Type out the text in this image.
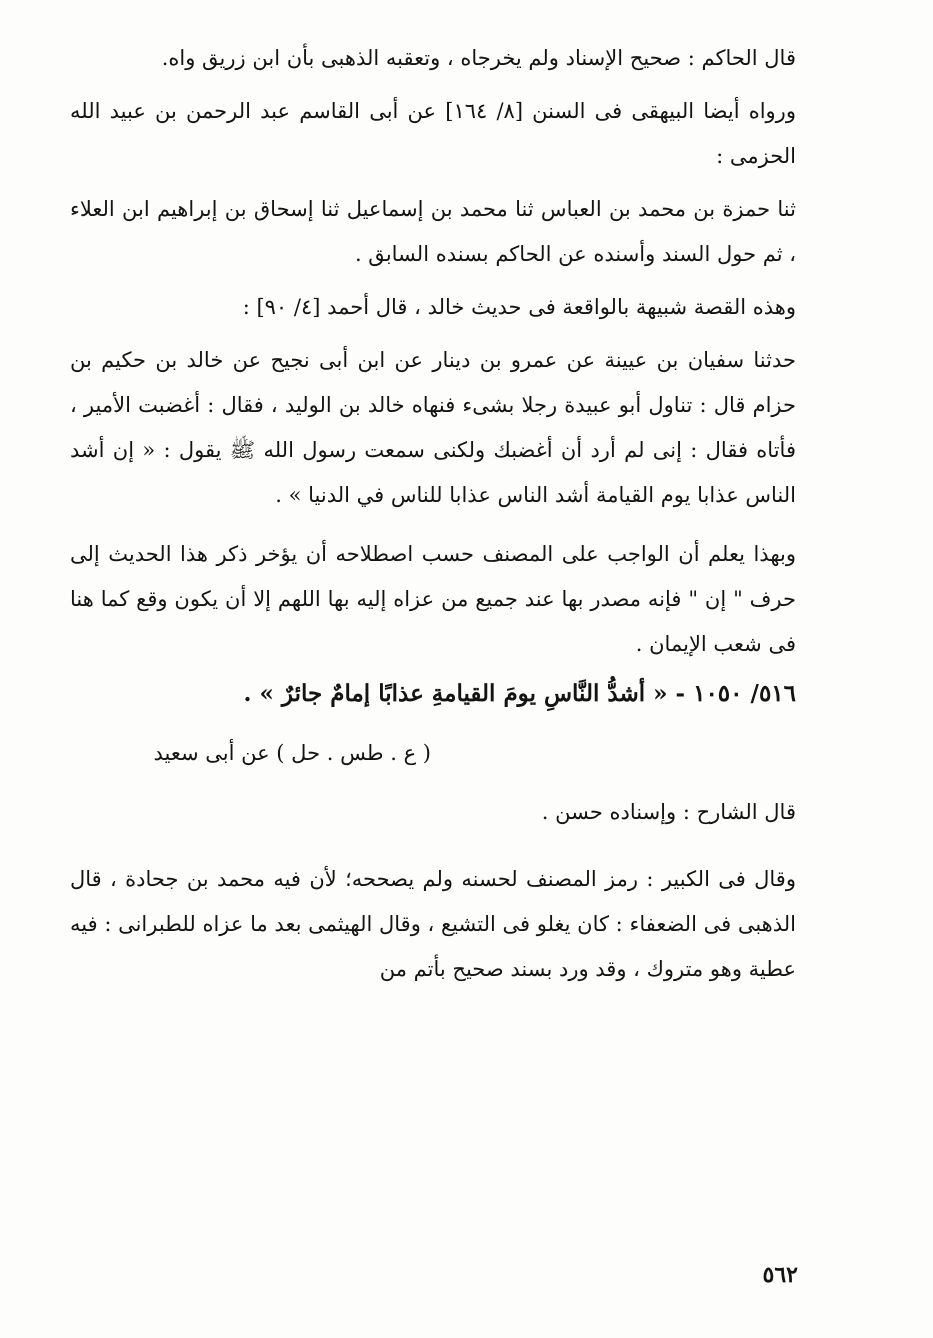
قال الحاكم : صحيح الإسناد ولم يخرجاه ، وتعقبه الذهبى بأن ابن زريق واه.

ورواه أيضا البيهقى فى السنن [٨/ ١٦٤] عن أبى القاسم عبد الرحمن بن عبيد الله الحزمى :

ثنا حمزة بن محمد بن العباس ثنا محمد بن إسماعيل ثنا إسحاق بن إبراهيم ابن العلاء ، ثم حول السند وأسنده عن الحاكم بسنده السابق .

وهذه القصة شبيهة بالواقعة فى حديث خالد ، قال أحمد [٤/ ٩٠] :

حدثنا سفيان بن عيينة عن عمرو بن دينار عن ابن أبى نجيح عن خالد بن حكيم بن حزام قال : تناول أبو عبيدة رجلا بشىء فنهاه خالد بن الوليد ، فقال : أغضبت الأمير ، فأتاه فقال : إنى لم أرد أن أغضبك ولكنى سمعت رسول الله ﷺ يقول : « إن أشد الناس عذابا يوم القيامة أشد الناس عذابا للناس في الدنيا » .

وبهذا يعلم أن الواجب على المصنف حسب اصطلاحه أن يؤخر ذكر هذا الحديث إلى حرف " إن " فإنه مصدر بها عند جميع من عزاه إليه بها اللهم إلا أن يكون وقع كما هنا فى شعب الإيمان .

٥١٦/ ١٠٥٠ - « أشدُّ النَّاسِ يومَ القيامةِ عذابًا إمامٌ جائرٌ » .

( ع . طس . حل ) عن أبى سعيد

قال الشارح : وإسناده حسن .

وقال فى الكبير : رمز المصنف لحسنه ولم يصححه؛ لأن فيه محمد بن جحادة ، قال الذهبى فى الضعفاء : كان يغلو فى التشيع ، وقال الهيثمى بعد ما عزاه للطبرانى : فيه عطية وهو متروك ، وقد ورد بسند صحيح بأتم من

٥٦٢
